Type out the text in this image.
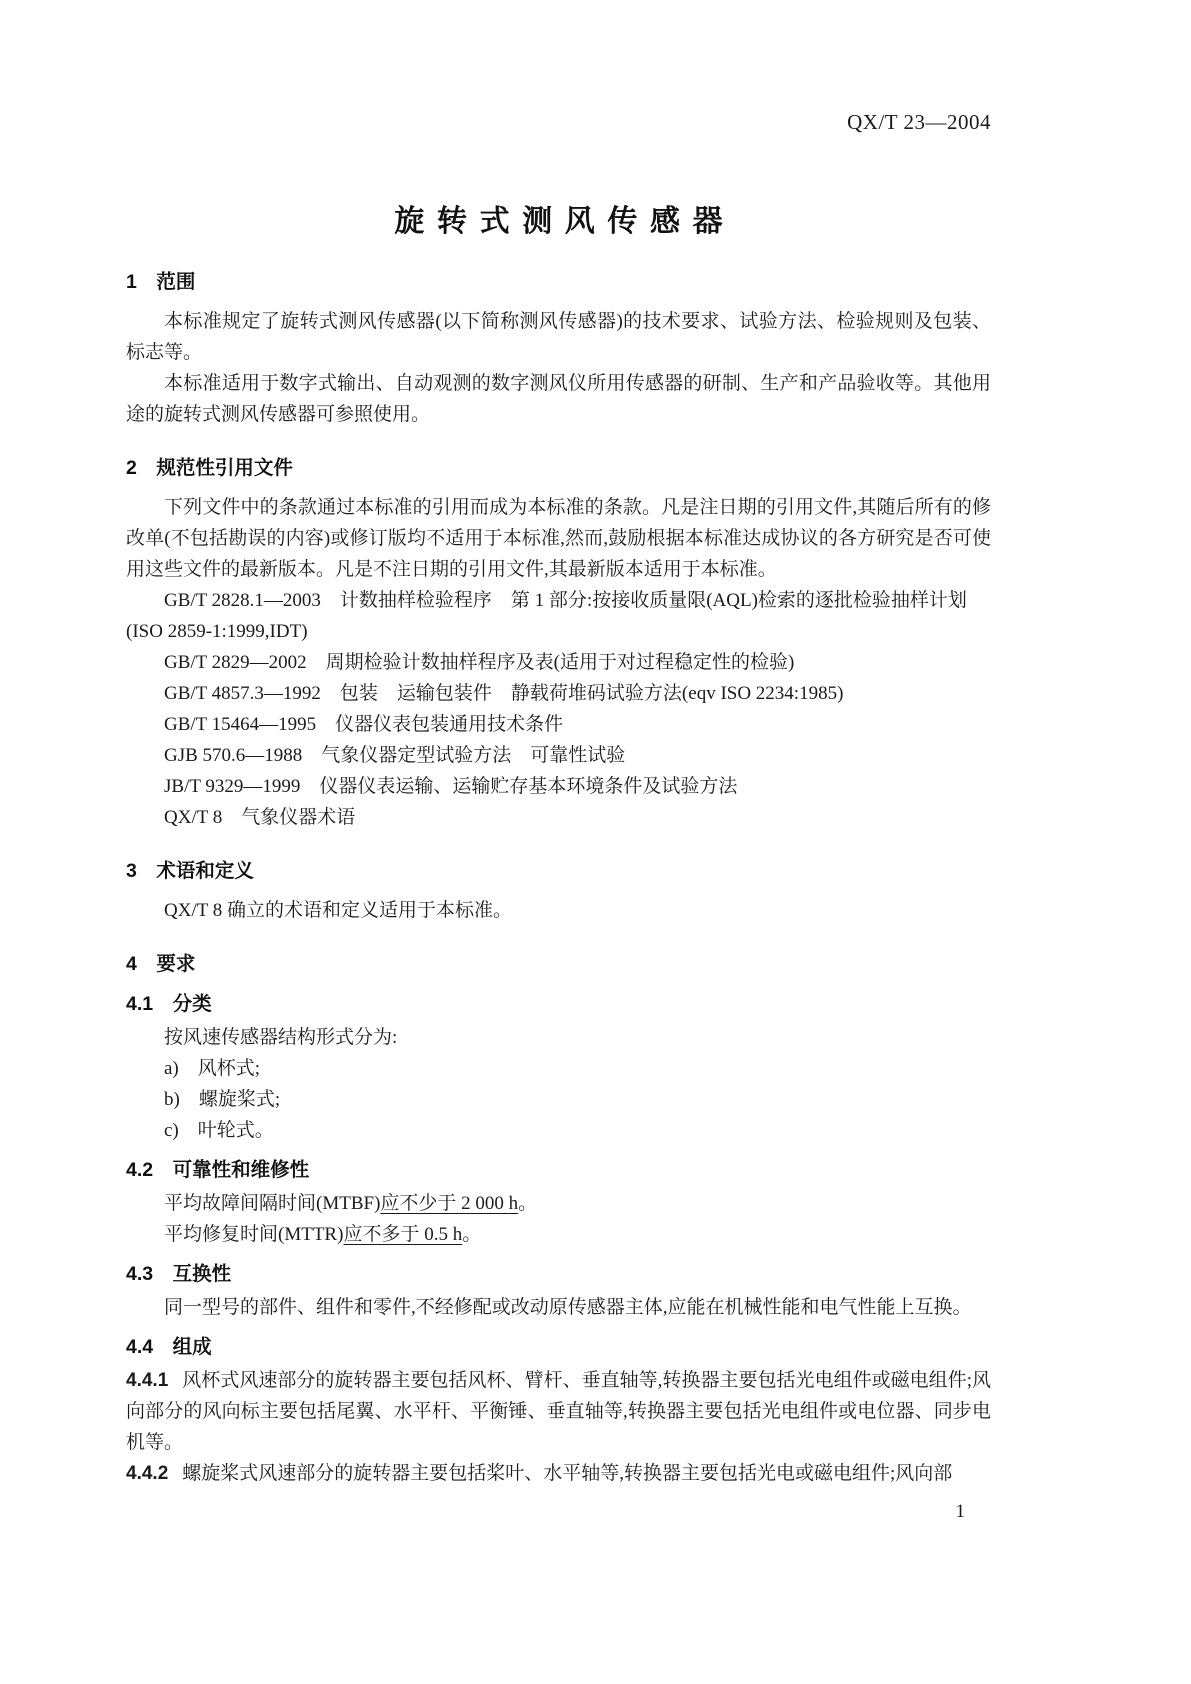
QX/T 23—2004
旋转式测风传感器
1　范围

本标准规定了旋转式测风传感器(以下简称测风传感器)的技术要求、试验方法、检验规则及包装、标志等。

本标准适用于数字式输出、自动观测的数字测风仪所用传感器的研制、生产和产品验收等。其他用途的旋转式测风传感器可参照使用。

2　规范性引用文件

下列文件中的条款通过本标准的引用而成为本标准的条款。凡是注日期的引用文件,其随后所有的修改单(不包括勘误的内容)或修订版均不适用于本标准,然而,鼓励根据本标准达成协议的各方研究是否可使用这些文件的最新版本。凡是不注日期的引用文件,其最新版本适用于本标准。

GB/T 2828.1—2003　计数抽样检验程序　第 1 部分:按接收质量限(AQL)检索的逐批检验抽样计划(ISO 2859-1:1999,IDT)

GB/T 2829—2002　周期检验计数抽样程序及表(适用于对过程稳定性的检验)

GB/T 4857.3—1992　包装　运输包装件　静载荷堆码试验方法(eqv ISO 2234:1985)

GB/T 15464—1995　仪器仪表包装通用技术条件

GJB 570.6—1988　气象仪器定型试验方法　可靠性试验

JB/T 9329—1999　仪器仪表运输、运输贮存基本环境条件及试验方法

QX/T 8　气象仪器术语

3　术语和定义

QX/T 8 确立的术语和定义适用于本标准。

4　要求
4.1　分类

按风速传感器结构形式分为:

a)　风杯式;

b)　螺旋桨式;

c)　叶轮式。

4.2　可靠性和维修性

平均故障间隔时间(MTBF)应不少于 2 000 h。

平均修复时间(MTTR)应不多于 0.5 h。

4.3　互换性

同一型号的部件、组件和零件,不经修配或改动原传感器主体,应能在机械性能和电气性能上互换。

4.4　组成

4.4.1 风杯式风速部分的旋转器主要包括风杯、臂杆、垂直轴等,转换器主要包括光电组件或磁电组件;风向部分的风向标主要包括尾翼、水平杆、平衡锤、垂直轴等,转换器主要包括光电组件或电位器、同步电机等。

4.4.2 螺旋桨式风速部分的旋转器主要包括桨叶、水平轴等,转换器主要包括光电或磁电组件;风向部

1
